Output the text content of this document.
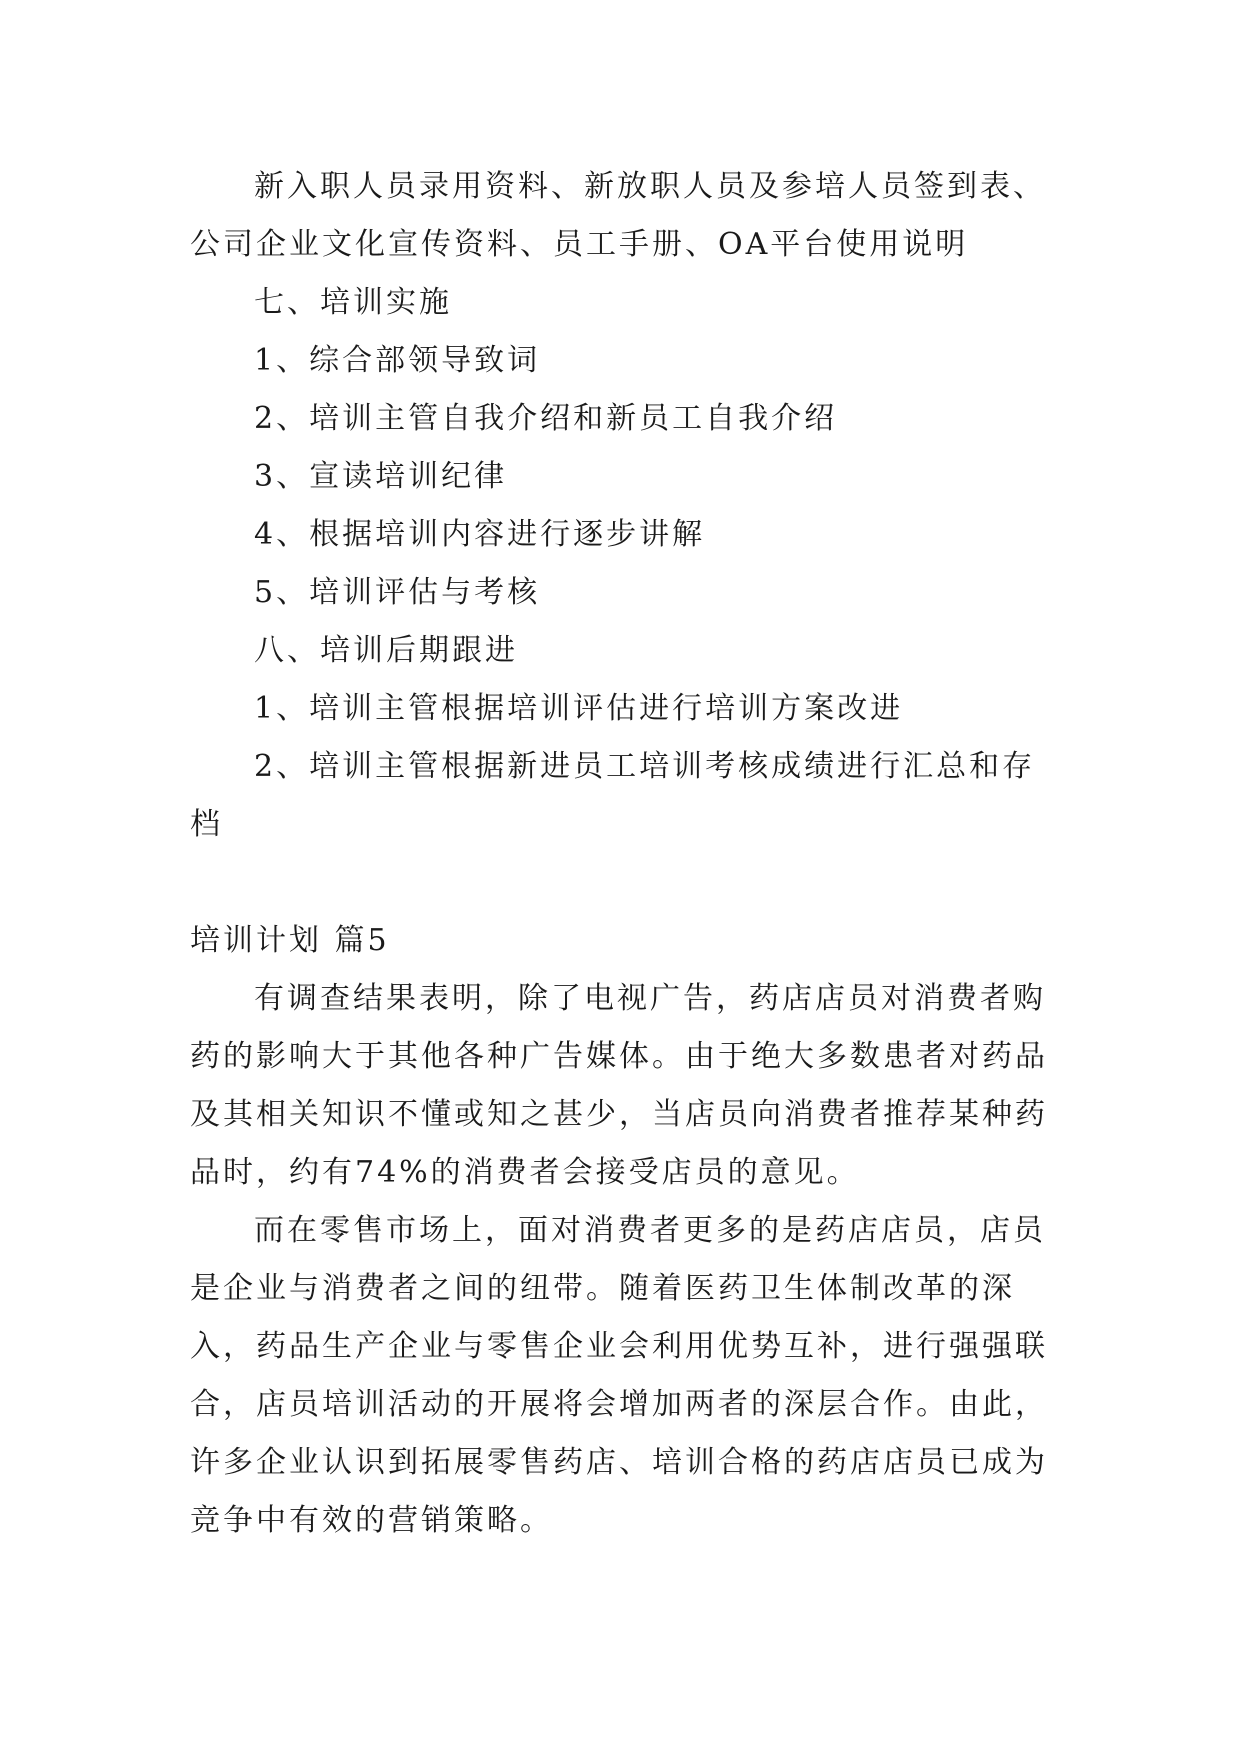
新入职人员录用资料、新放职人员及参培人员签到表、公司企业文化宣传资料、员工手册、OA平台使用说明

七、培训实施

1、综合部领导致词

2、培训主管自我介绍和新员工自我介绍

3、宣读培训纪律

4、根据培训内容进行逐步讲解

5、培训评估与考核

八、培训后期跟进

1、培训主管根据培训评估进行培训方案改进

2、培训主管根据新进员工培训考核成绩进行汇总和存档

培训计划 篇5

有调查结果表明，除了电视广告，药店店员对消费者购药的影响大于其他各种广告媒体。由于绝大多数患者对药品及其相关知识不懂或知之甚少，当店员向消费者推荐某种药品时，约有74%的消费者会接受店员的意见。

而在零售市场上，面对消费者更多的是药店店员，店员是企业与消费者之间的纽带。随着医药卫生体制改革的深入，药品生产企业与零售企业会利用优势互补，进行强强联合，店员培训活动的开展将会增加两者的深层合作。由此，许多企业认识到拓展零售药店、培训合格的药店店员已成为竞争中有效的营销策略。
